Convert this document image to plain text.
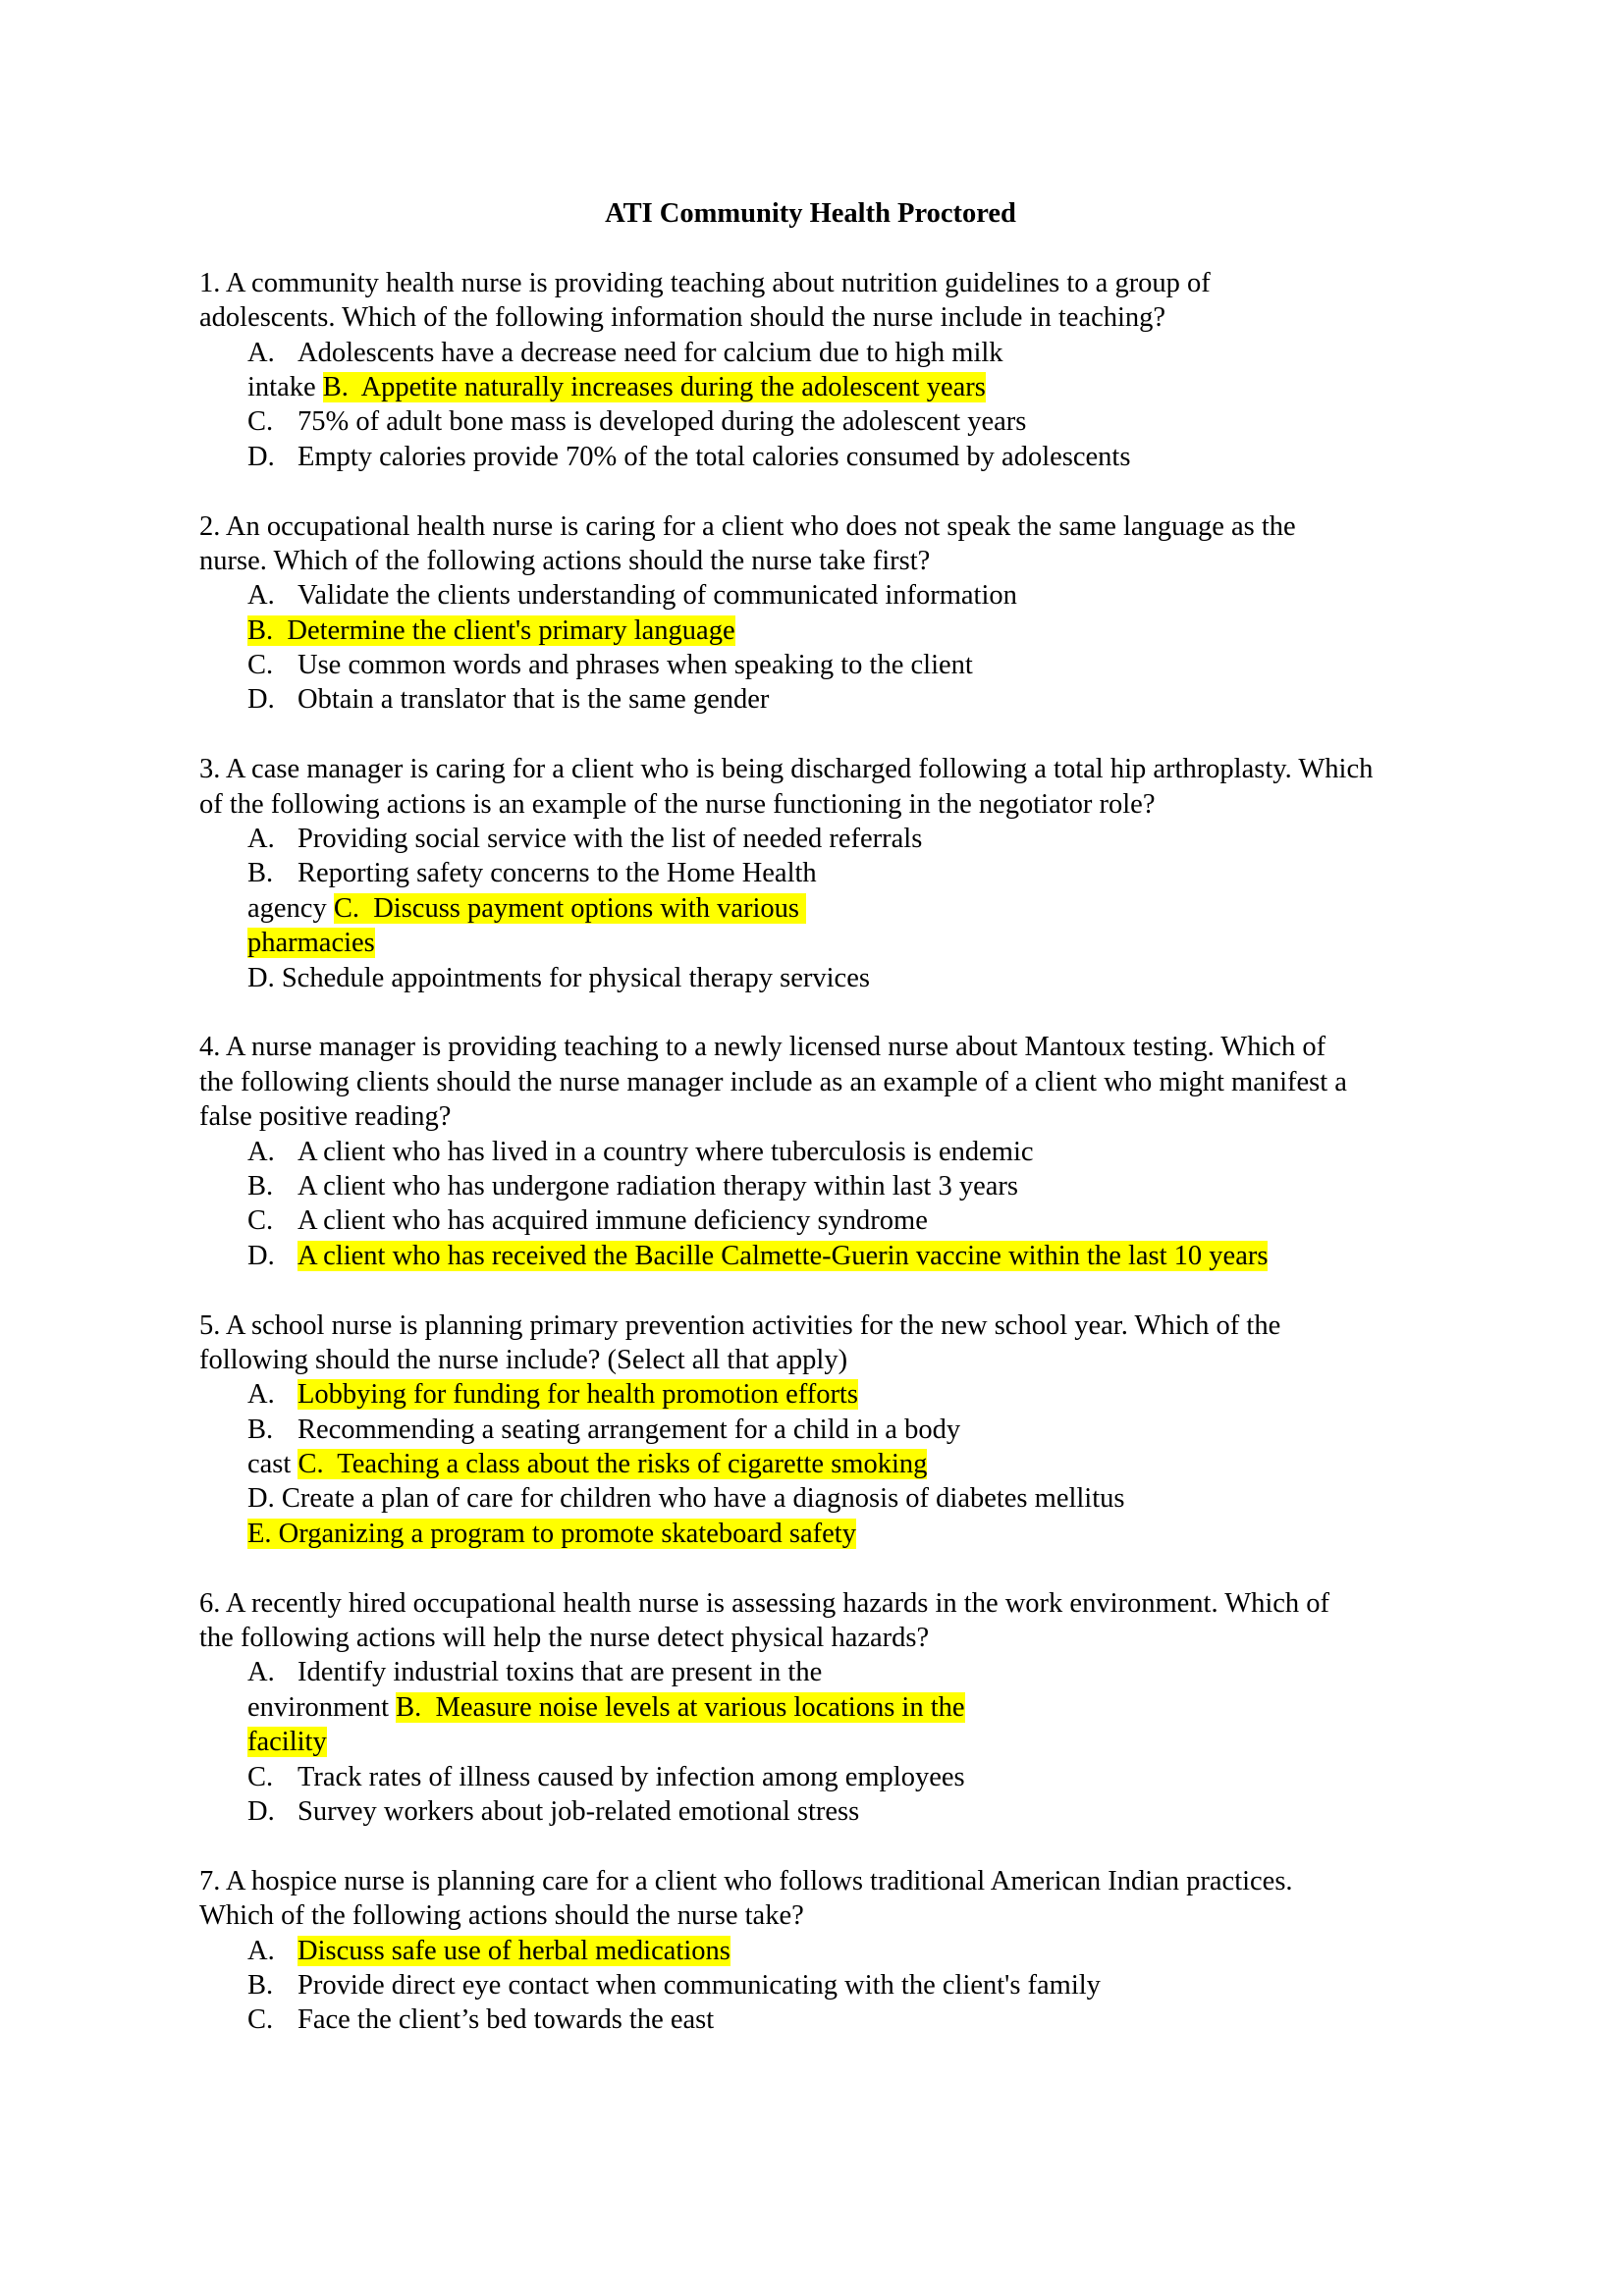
ATI Community Health Proctored
1. A community health nurse is providing teaching about nutrition guidelines to a group of
adolescents. Which of the following information should the nurse include in teaching?
A. Adolescents have a decrease need for calcium due to high milk
intake B.  Appetite naturally increases during the adolescent years
C. 75% of adult bone mass is developed during the adolescent years
D. Empty calories provide 70% of the total calories consumed by adolescents
2. An occupational health nurse is caring for a client who does not speak the same language as the
nurse. Which of the following actions should the nurse take first?
A. Validate the clients understanding of communicated information
B.  Determine the client's primary language
C. Use common words and phrases when speaking to the client
D. Obtain a translator that is the same gender
3. A case manager is caring for a client who is being discharged following a total hip arthroplasty. Which
of the following actions is an example of the nurse functioning in the negotiator role?
A. Providing social service with the list of needed referrals
B. Reporting safety concerns to the Home Health
agency C.  Discuss payment options with various
pharmacies
D. Schedule appointments for physical therapy services
4. A nurse manager is providing teaching to a newly licensed nurse about Mantoux testing. Which of
the following clients should the nurse manager include as an example of a client who might manifest a
false positive reading?
A. A client who has lived in a country where tuberculosis is endemic
B. A client who has undergone radiation therapy within last 3 years
C. A client who has acquired immune deficiency syndrome
D. A client who has received the Bacille Calmette-Guerin vaccine within the last 10 years
5. A school nurse is planning primary prevention activities for the new school year. Which of the
following should the nurse include? (Select all that apply)
A. Lobbying for funding for health promotion efforts
B. Recommending a seating arrangement for a child in a body
cast C.  Teaching a class about the risks of cigarette smoking
D. Create a plan of care for children who have a diagnosis of diabetes mellitus
E. Organizing a program to promote skateboard safety
6. A recently hired occupational health nurse is assessing hazards in the work environment. Which of
the following actions will help the nurse detect physical hazards?
A. Identify industrial toxins that are present in the
environment B.  Measure noise levels at various locations in the
facility
C. Track rates of illness caused by infection among employees
D. Survey workers about job-related emotional stress
7. A hospice nurse is planning care for a client who follows traditional American Indian practices.
Which of the following actions should the nurse take?
A. Discuss safe use of herbal medications
B. Provide direct eye contact when communicating with the client's family
C. Face the client’s bed towards the east
